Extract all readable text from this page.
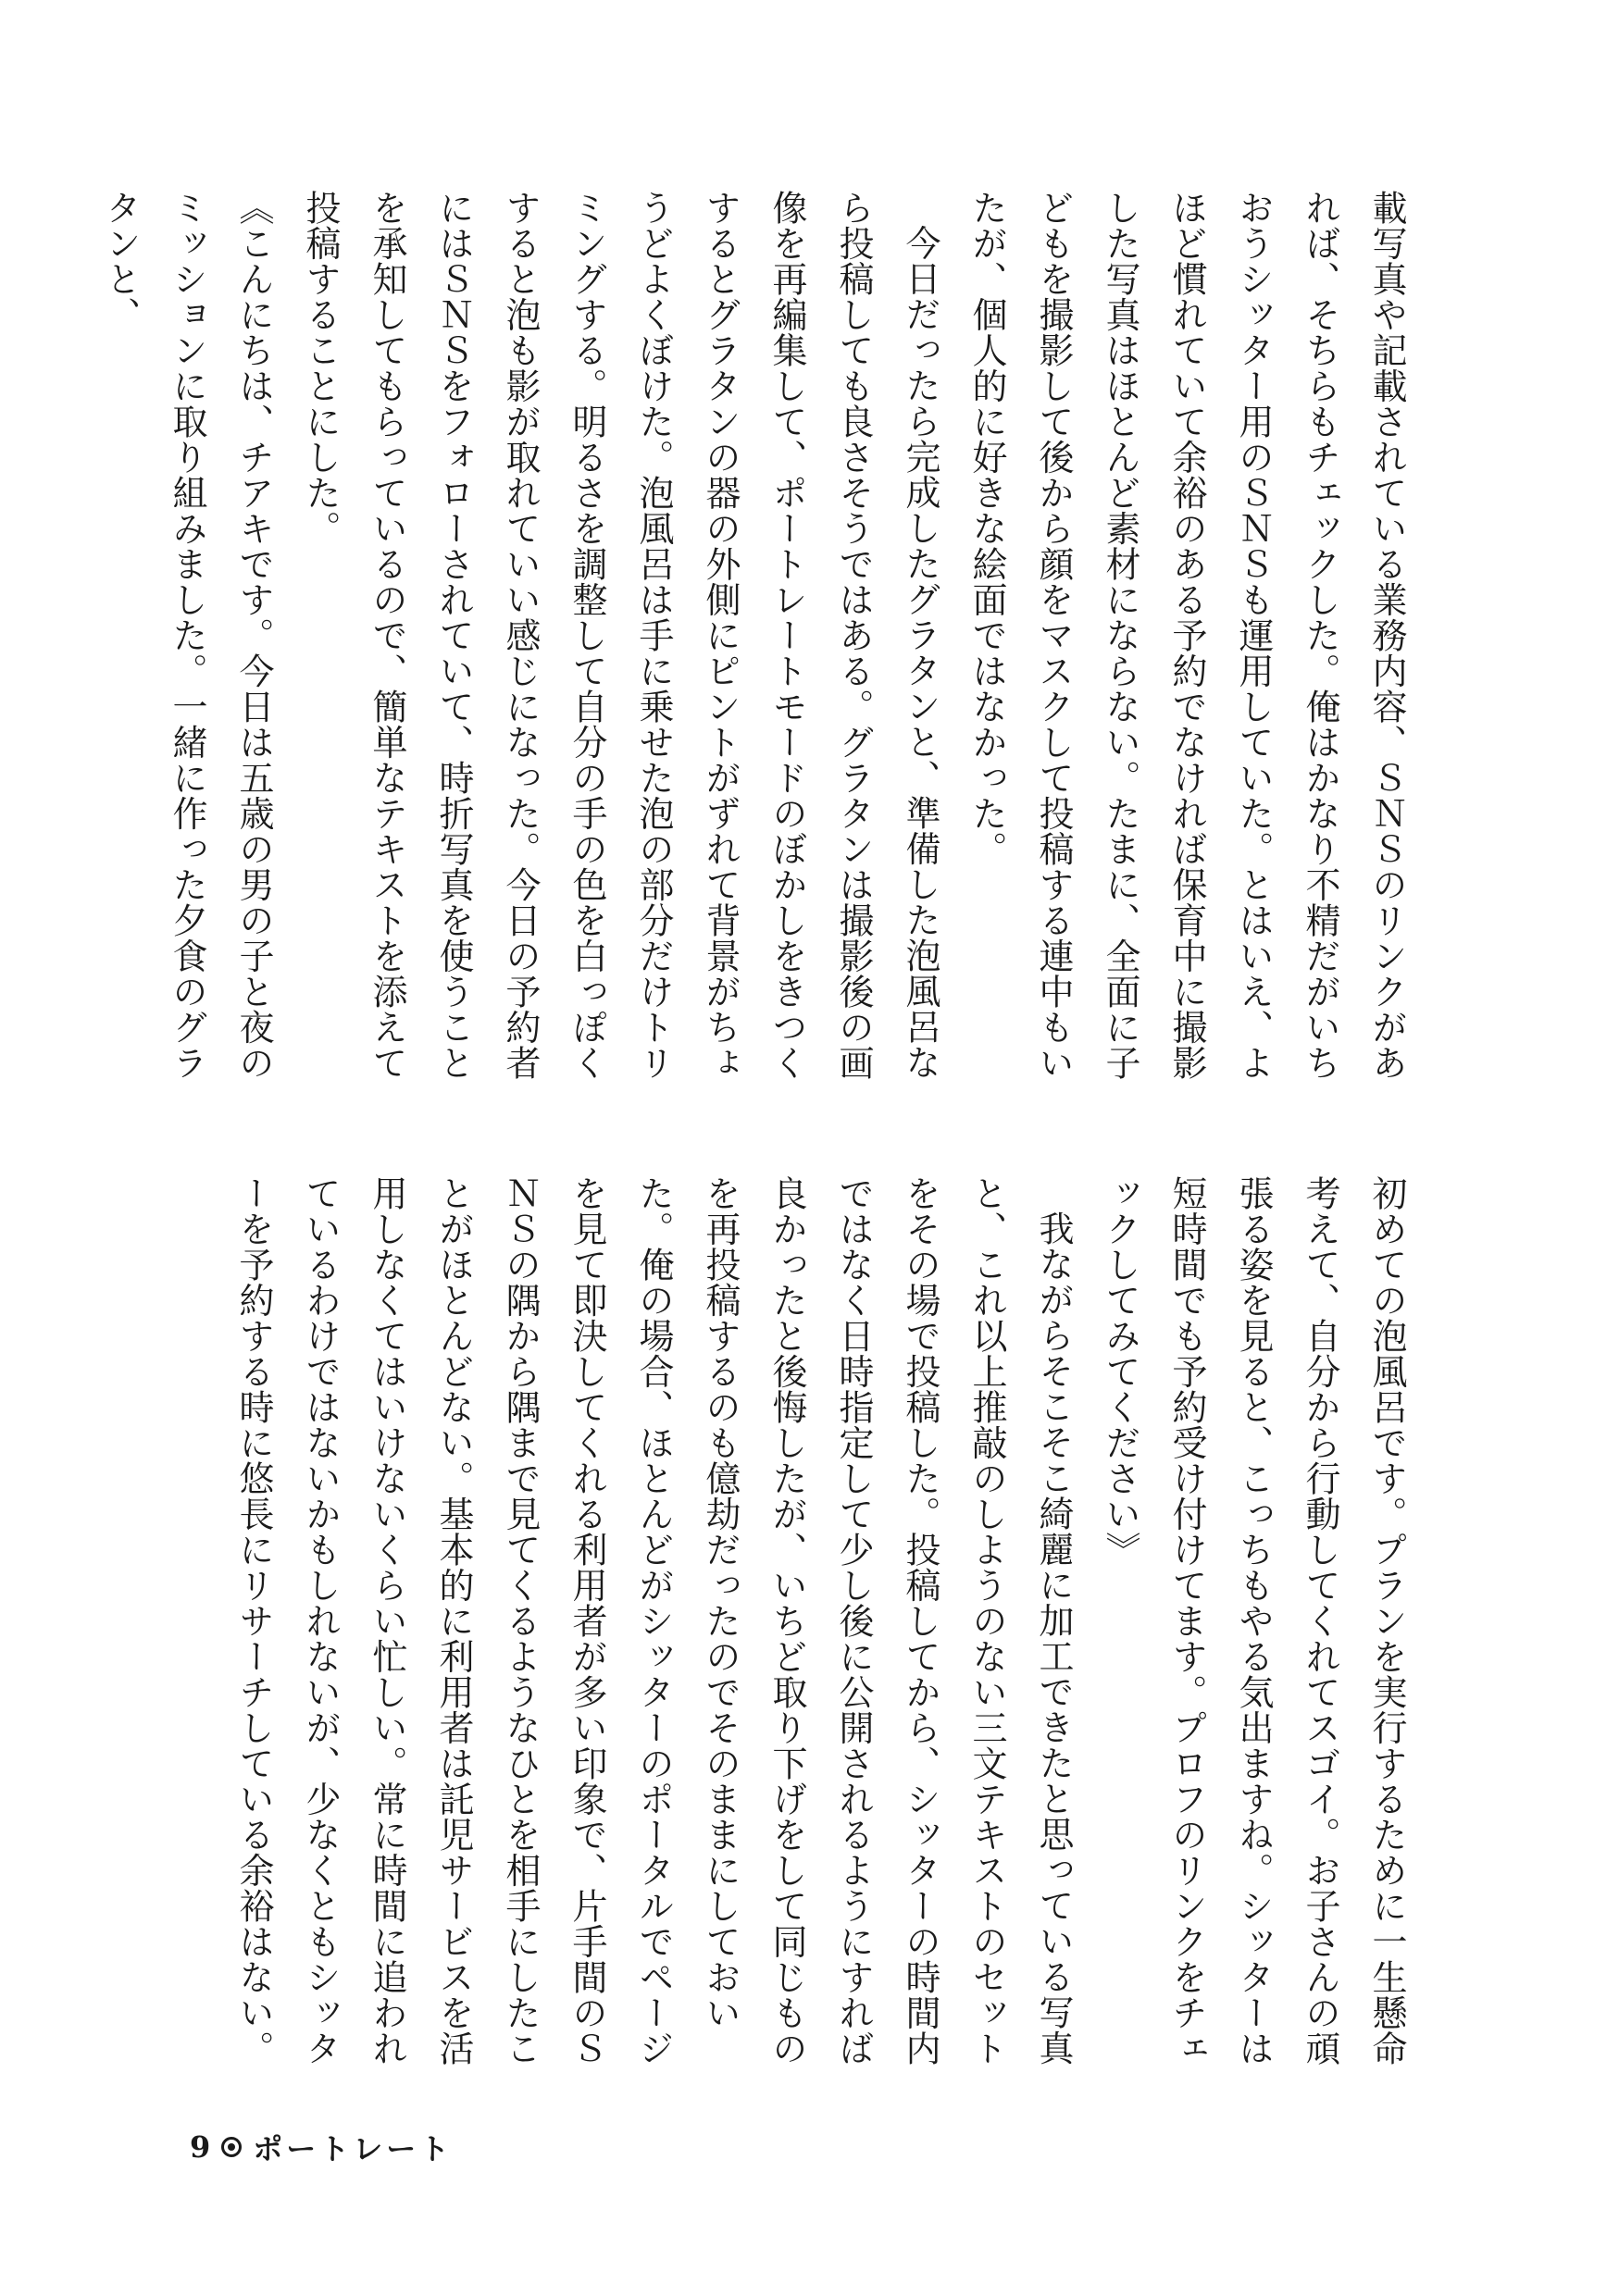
載写真や記載されている業務内容、ＳＮＳのリンクがあれば、そちらもチェックした。俺はかなり不精だがいちおうシッター用のＳＮＳも運用していた。とはいえ、よほど慣れていて余裕のある予約でなければ保育中に撮影した写真はほとんど素材にならない。たまに、全面に子どもを撮影して後から顔をマスクして投稿する連中もいたが、個人的に好きな絵面ではなかった。

今日だったら完成したグラタンと、準備した泡風呂なら投稿しても良さそうではある。グラタンは撮影後の画像を再編集して、ポートレートモードのぼかしをきつくするとグラタンの器の外側にピントがずれて背景がちょうどよくぼけた。泡風呂は手に乗せた泡の部分だけトリミングする。明るさを調整して自分の手の色を白っぽくすると泡も影が取れていい感じになった。今日の予約者にはＳＮＳをフォローされていて、時折写真を使うことを承知してもらっているので、簡単なテキストを添えて投稿することにした。

《こんにちは、チアキです。今日は五歳の男の子と夜のミッションに取り組みました。一緒に作った夕食のグラタンと、

初めての泡風呂です。プランを実行するために一生懸命考えて、自分から行動してくれてスゴイ。お子さんの頑張る姿を見ると、こっちもやる気出ますね。シッターは短時間でも予約受け付けてます。プロフのリンクをチェックしてみてください》

我ながらそこそこ綺麗に加工できたと思っている写真と、これ以上推敲のしようのない三文テキストのセットをその場で投稿した。投稿してから、シッターの時間内ではなく日時指定して少し後に公開されるようにすれば良かったと後悔したが、いちど取り下げをして同じものを再投稿するのも億劫だったのでそのままにしておいた。俺の場合、ほとんどがシッターのポータルでページを見て即決してくれる利用者が多い印象で、片手間のＳＮＳの隅から隅まで見てくるようなひとを相手にしたことがほとんどない。基本的に利用者は託児サービスを活用しなくてはいけないくらい忙しい。常に時間に追われているわけではないかもしれないが、少なくともシッターを予約する時に悠長にリサーチしている余裕はない。

9 ポートレート
